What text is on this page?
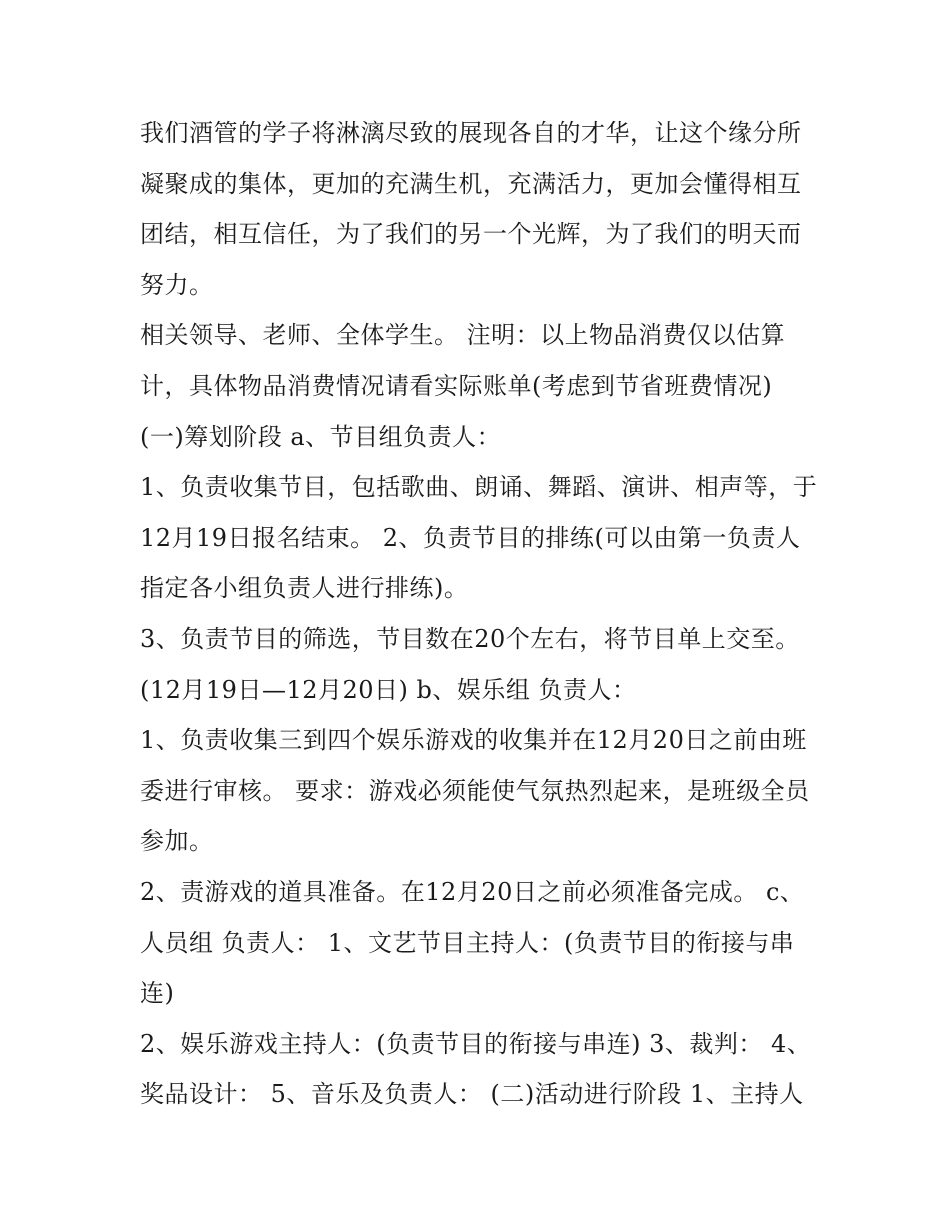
我们酒管的学子将淋漓尽致的展现各自的才华，让这个缘分所凝聚成的集体，更加的充满生机，充满活力，更加会懂得相互团结，相互信任，为了我们的另一个光辉，为了我们的明天而努力。

相关领导、老师、全体学生。 注明：以上物品消费仅以估算计，具体物品消费情况请看实际账单(考虑到节省班费情况)

(一)筹划阶段 a、节目组负责人：

1、负责收集节目，包括歌曲、朗诵、舞蹈、演讲、相声等，于12月19日报名结束。 2、负责节目的排练(可以由第一负责人指定各小组负责人进行排练)。

3、负责节目的筛选，节目数在20个左右，将节目单上交至。 (12月19日—12月20日) b、娱乐组 负责人：

1、负责收集三到四个娱乐游戏的收集并在12月20日之前由班委进行审核。 要求：游戏必须能使气氛热烈起来，是班级全员参加。

2、责游戏的道具准备。在12月20日之前必须准备完成。 c、人员组 负责人： 1、文艺节目主持人：(负责节目的衔接与串连)

2、娱乐游戏主持人：(负责节目的衔接与串连) 3、裁判： 4、奖品设计： 5、音乐及负责人： (二)活动进行阶段 1、主持人
